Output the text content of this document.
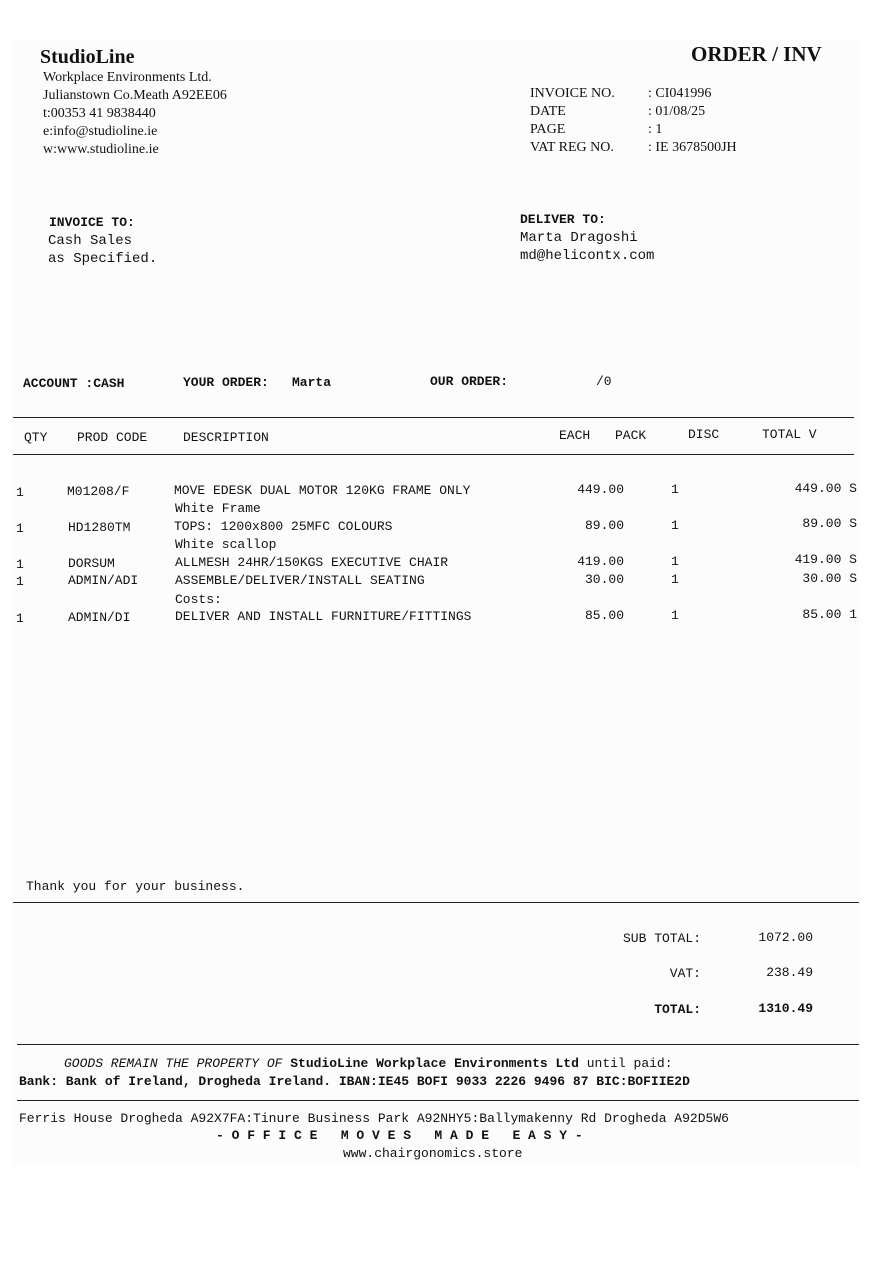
StudioLine
Workplace Environments Ltd.
Julianstown Co.Meath A92EE06
t:00353 41 9838440
e:info@studioline.ie
w:www.studioline.ie
ORDER / INV
INVOICE NO. : CI041996
DATE	: 01/08/25
PAGE	: 1
VAT REG NO. : IE 3678500JH
INVOICE TO:
Cash Sales
as Specified.
DELIVER TO:
Marta Dragoshi
md@helicontx.com
ACCOUNT :CASH	YOUR ORDER: Marta	OUR ORDER:	/0
QTY PROD CODE	DESCRIPTION	EACH PACK	DISC	TOTAL V
1	M01208/F	MOVE EDESK DUAL MOTOR 120KG FRAME ONLY	449.00	1	449.00 S
White Frame
1	HD1280TM	TOPS: 1200x800 25MFC COLOURS	89.00	1	89.00 S
White scallop
1	DORSUM	ALLMESH 24HR/150KGS EXECUTIVE CHAIR	419.00	1	419.00 S
1	ADMIN/ADI	ASSEMBLE/DELIVER/INSTALL SEATING	30.00	1	30.00 S
Costs:
1	ADMIN/DI	DELIVER AND INSTALL FURNITURE/FITTINGS	85.00	1	85.00 1
Thank you for your business.
SUB TOTAL:	1072.00
VAT:	238.49
TOTAL:	1310.49
GOODS REMAIN THE PROPERTY OF StudioLine Workplace Environments Ltd until paid:
Bank: Bank of Ireland, Drogheda Ireland. IBAN:IE45 BOFI 9033 2226 9496 87 BIC:BOFIIE2D
Ferris House Drogheda A92X7FA:Tinure Business Park A92NHY5:Ballymakenny Rd Drogheda A92D5W6
- O F F I C E   M O V E S   M A D E   E A S Y -
www.chairgonomics.store
